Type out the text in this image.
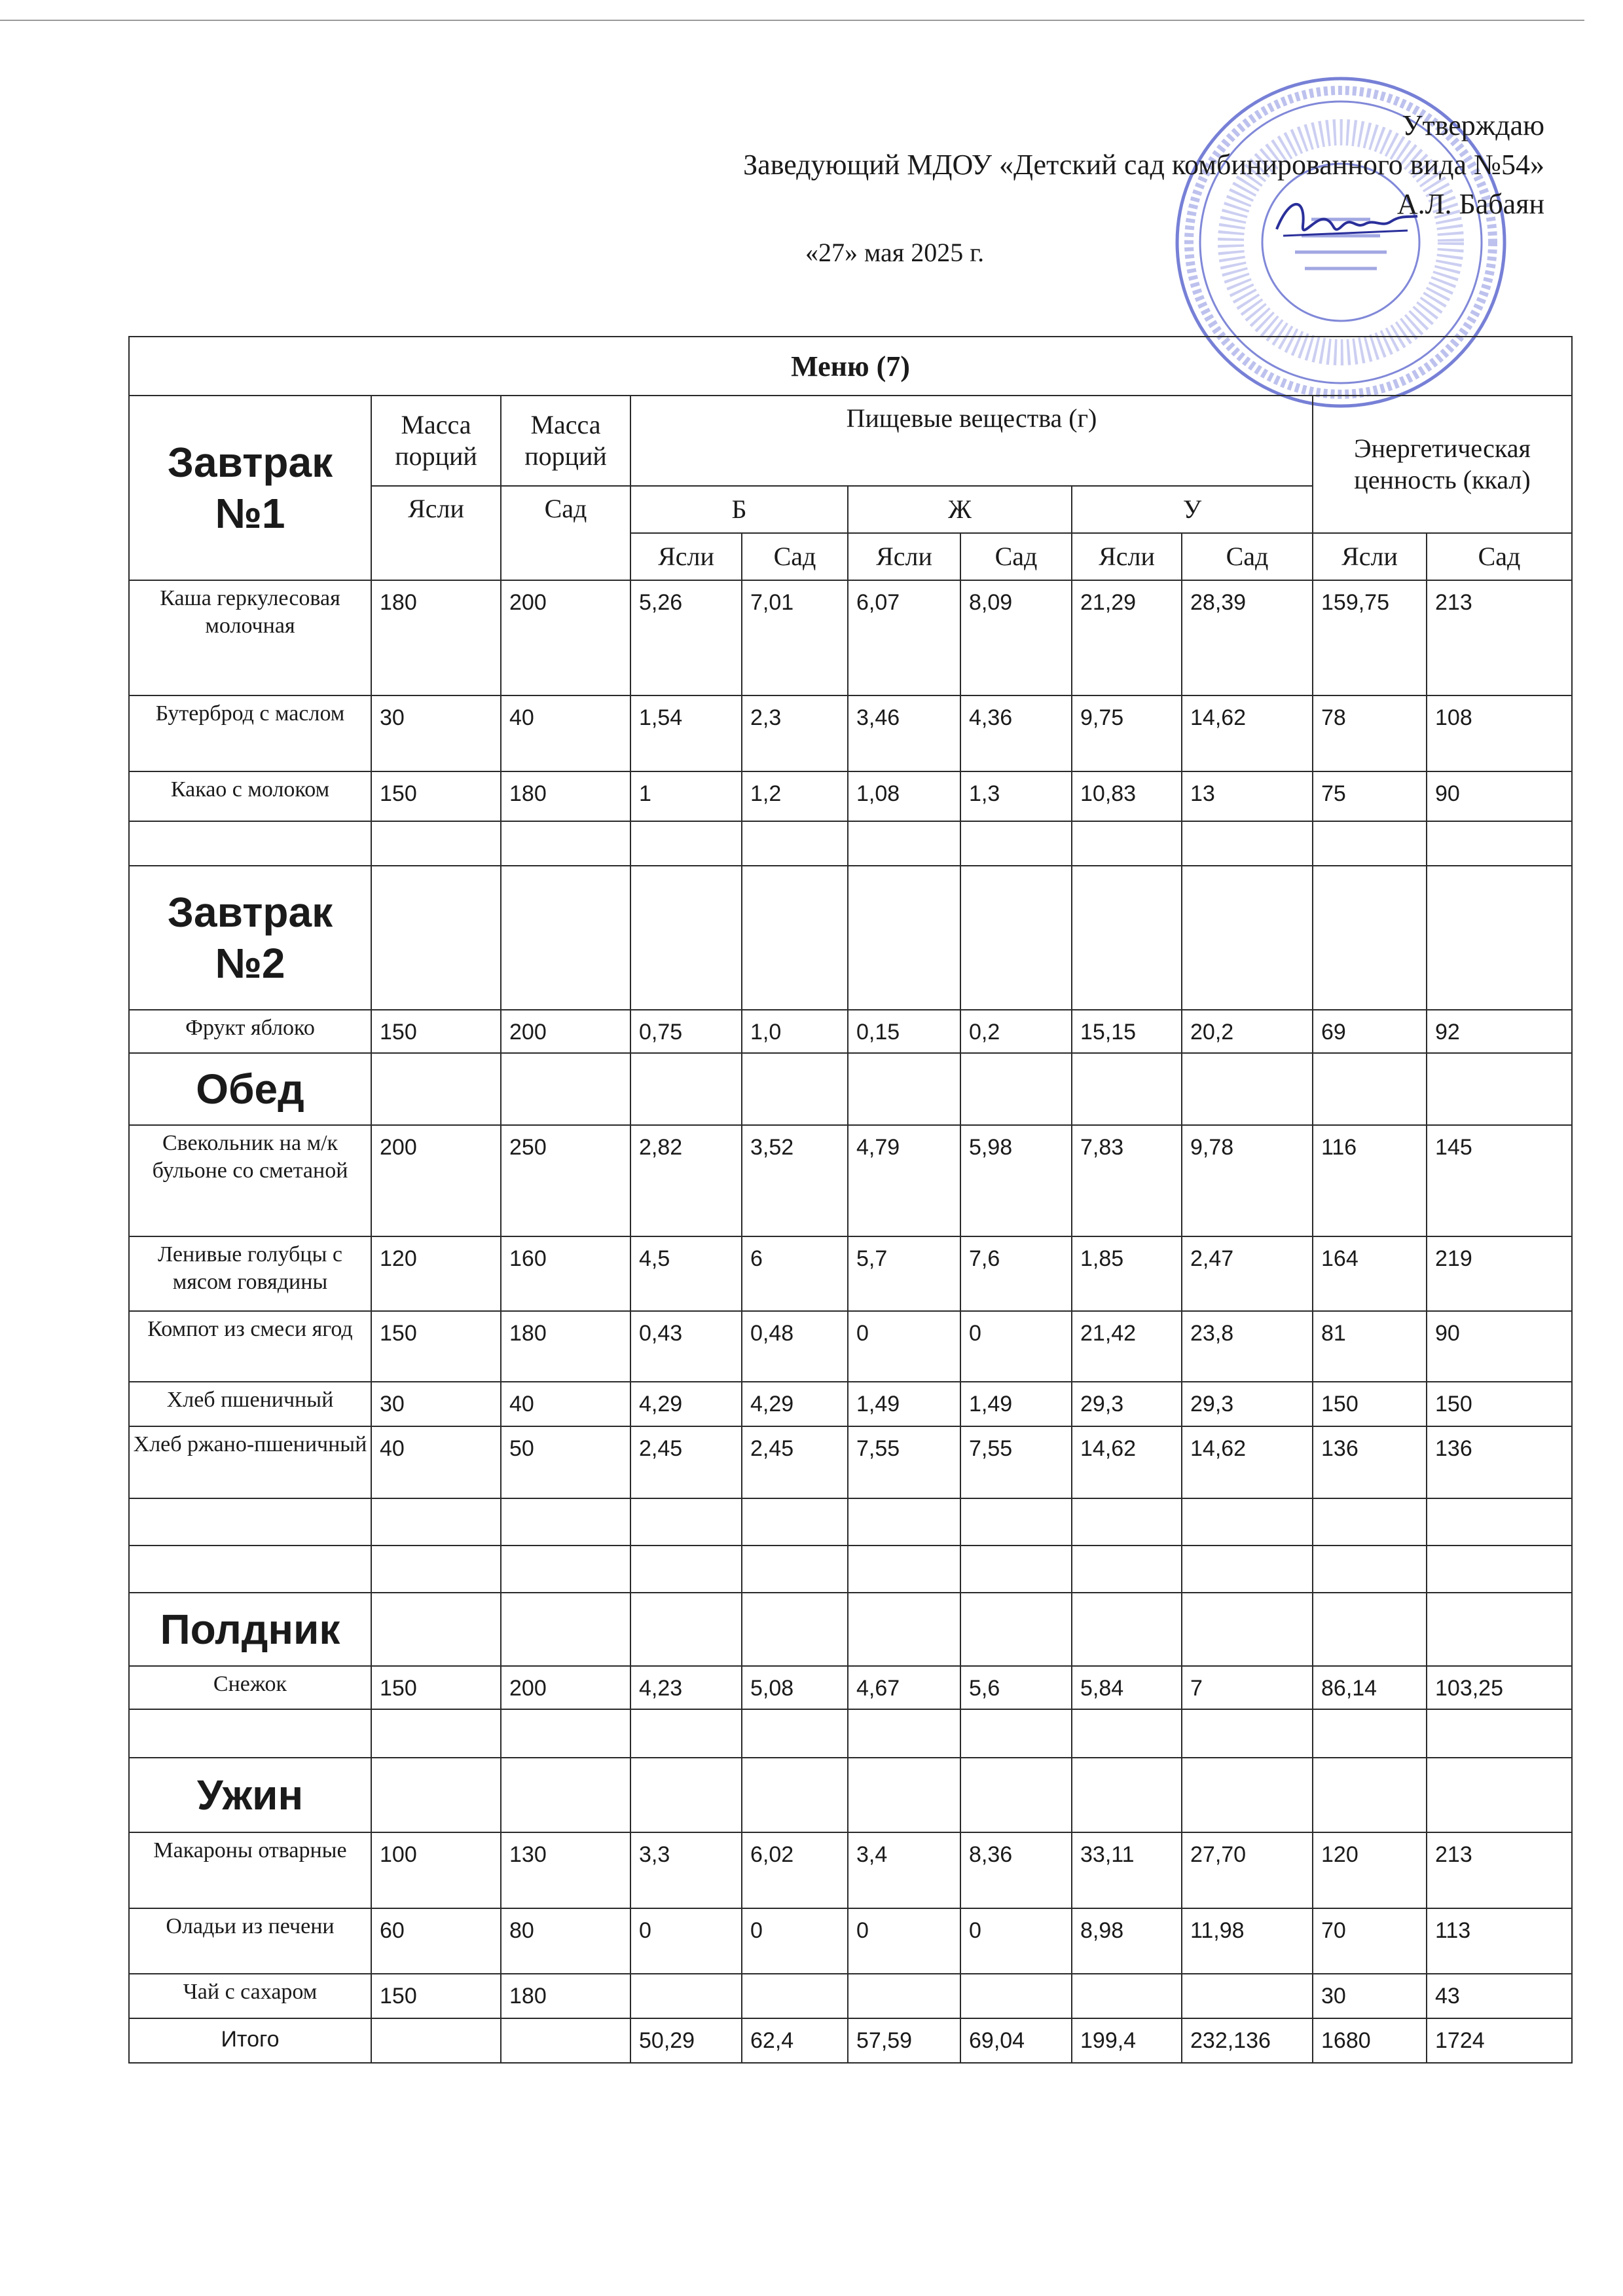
Утверждаю
Заведующий МДОУ «Детский сад комбинированного вида №54»
А.Л. Бабаян
«27» мая 2025 г.
Меню (7)										
Завтрак №1	Масса порций	Масса порций	Пищевые вещества (г)						Энергетическая ценность (ккал)	
	Ясли	Сад	Б		Ж		У			
			Ясли	Сад	Ясли	Сад	Ясли	Сад	Ясли	Сад
Каша геркулесовая молочная	180	200	5,26	7,01	6,07	8,09	21,29	28,39	159,75	213
Бутерброд с маслом	30	40	1,54	2,3	3,46	4,36	9,75	14,62	78	108
Какао с молоком	150	180	1	1,2	1,08	1,3	10,83	13	75	90

Завтрак №2										
Фрукт яблоко	150	200	0,75	1,0	0,15	0,2	15,15	20,2	69	92
Обед										
Свекольник на м/к бульоне со сметаной	200	250	2,82	3,52	4,79	5,98	7,83	9,78	116	145
Ленивые голубцы с мясом говядины	120	160	4,5	6	5,7	7,6	1,85	2,47	164	219
Компот из смеси ягод	150	180	0,43	0,48	0	0	21,42	23,8	81	90
Хлеб пшеничный	30	40	4,29	4,29	1,49	1,49	29,3	29,3	150	150
Хлеб ржано-пшеничный	40	50	2,45	2,45	7,55	7,55	14,62	14,62	136	136

Полдник										
Снежок	150	200	4,23	5,08	4,67	5,6	5,84	7	86,14	103,25

Ужин										
Макароны отварные	100	130	3,3	6,02	3,4	8,36	33,11	27,70	120	213
Оладьи из печени	60	80	0	0	0	0	8,98	11,98	70	113
Чай с сахаром	150	180							30	43
Итого			50,29	62,4	57,59	69,04	199,4	232,136	1680	1724
